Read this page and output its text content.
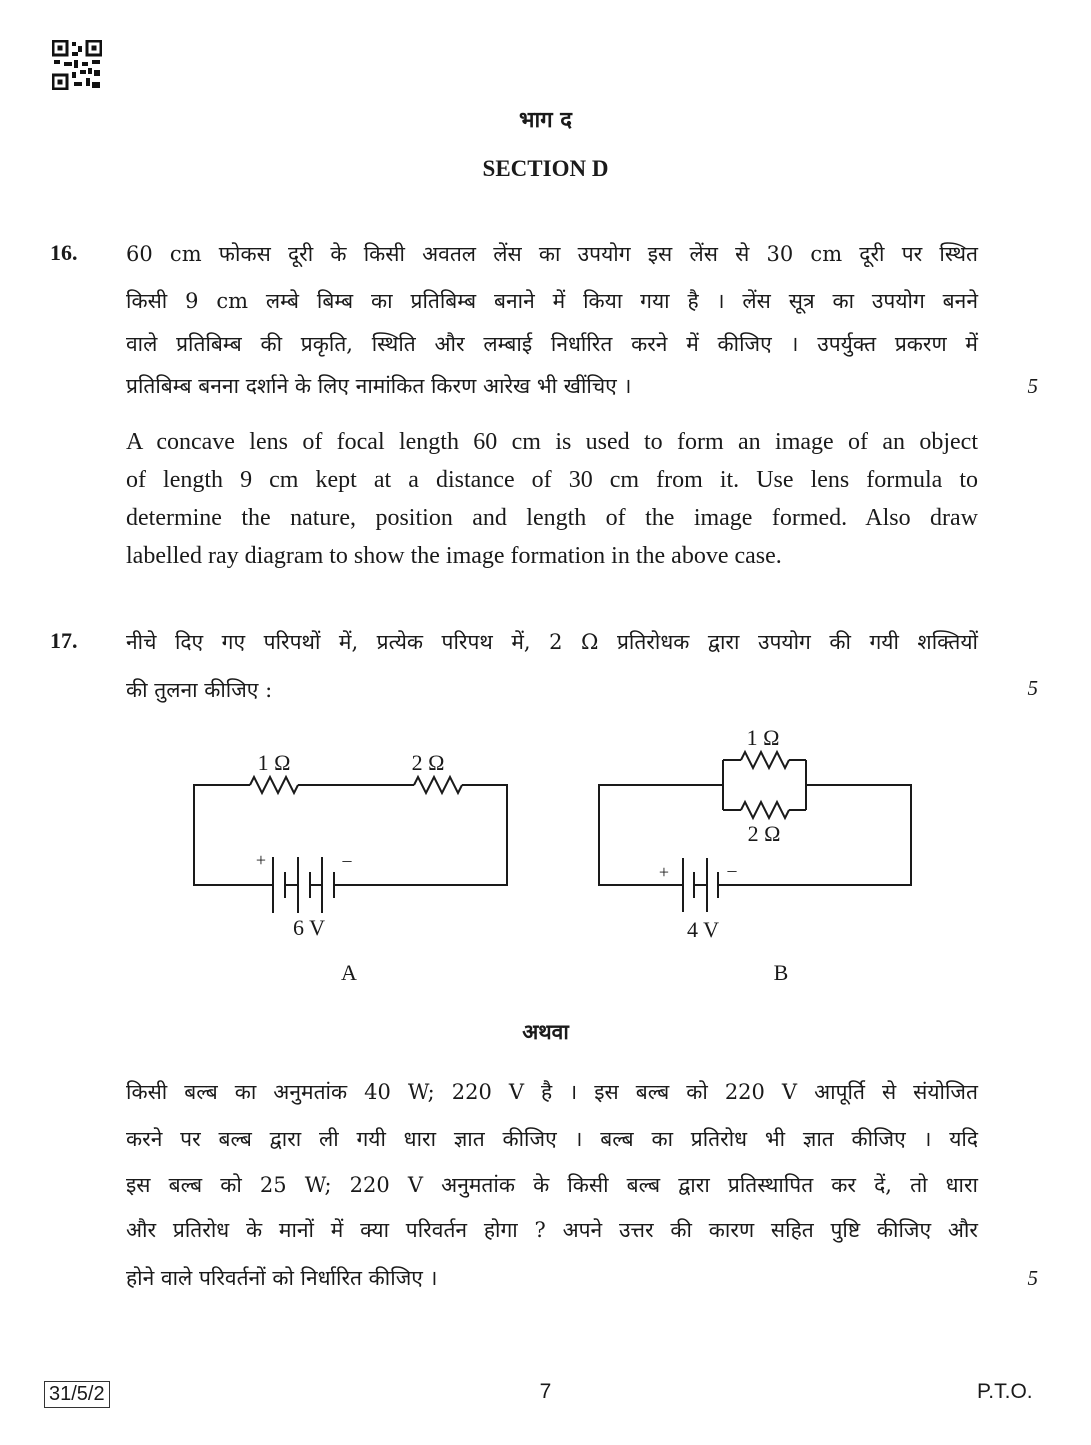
भाग द
SECTION D
16. 60 cm फोकस दूरी के किसी अवतल लेंस का उपयोग इस लेंस से 30 cm दूरी पर स्थित
किसी 9 cm लम्बे बिम्ब का प्रतिबिम्ब बनाने में किया गया है । लेंस सूत्र का उपयोग बनने
वाले प्रतिबिम्ब की प्रकृति, स्थिति और लम्बाई निर्धारित करने में कीजिए । उपर्युक्त प्रकरण में
प्रतिबिम्ब बनना दर्शाने के लिए नामांकित किरण आरेख भी खींचिए ।	5
A concave lens of focal length 60 cm is used to form an image of an object
of length 9 cm kept at a distance of 30 cm from it. Use lens formula to
determine the nature, position and length of the image formed. Also draw
labelled ray diagram to show the image formation in the above case.
17. नीचे दिए गए परिपथों में, प्रत्येक परिपथ में, 2 Ω प्रतिरोधक द्वारा उपयोग की गयी शक्तियों
की तुलना कीजिए :	5
1 Ω	2 Ω
+	–
6 V
A
1 Ω
2 Ω
+	–
4 V
B
अथवा
किसी बल्ब का अनुमतांक 40 W; 220 V है । इस बल्ब को 220 V आपूर्ति से संयोजित
करने पर बल्ब द्वारा ली गयी धारा ज्ञात कीजिए । बल्ब का प्रतिरोध भी ज्ञात कीजिए । यदि
इस बल्ब को 25 W; 220 V अनुमतांक के किसी बल्ब द्वारा प्रतिस्थापित कर दें, तो धारा
और प्रतिरोध के मानों में क्या परिवर्तन होगा ? अपने उत्तर की कारण सहित पुष्टि कीजिए और
होने वाले परिवर्तनों को निर्धारित कीजिए ।	5
31/5/2	7	P.T.O.
